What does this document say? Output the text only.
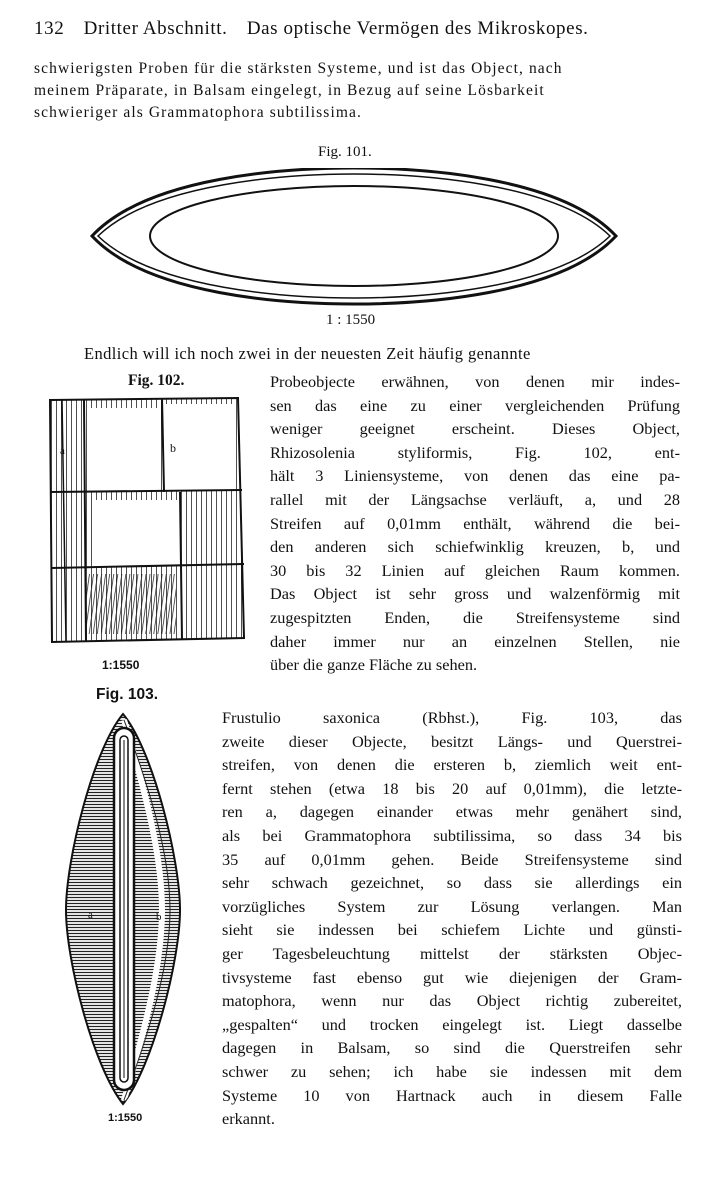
132 Dritter Abschnitt. Das optische Vermögen des Mikroskopes.
schwierigsten Proben für die stärksten Systeme, und ist das Object, nach
meinem Präparate, in Balsam eingelegt, in Bezug auf seine Lösbarkeit
schwieriger als Grammatophora subtilissima.
Fig. 101.
1 : 1550
Endlich will ich noch zwei in der neuesten Zeit häufig genannte
Fig. 102.
a	b
1:1550
Probeobjecte erwähnen, von denen mir indes-
sen das eine zu einer vergleichenden Prüfung
weniger geeignet erscheint. Dieses Object,
Rhizosolenia styliformis, Fig. 102, ent-
hält 3 Liniensysteme, von denen das eine pa-
rallel mit der Längsachse verläuft, a, und 28
Streifen auf 0,01mm enthält, während die bei-
den anderen sich schiefwinklig kreuzen, b, und
30 bis 32 Linien auf gleichen Raum kommen.
Das Object ist sehr gross und walzenförmig mit
zugespitzten Enden, die Streifensysteme sind
daher immer nur an einzelnen Stellen, nie
über die ganze Fläche zu sehen.
Fig. 103.
a	b
1:1550
Frustulio saxonica (Rbhst.), Fig. 103, das
zweite dieser Objecte, besitzt Längs- und Querstrei-
streifen, von denen die ersteren b, ziemlich weit ent-
fernt stehen (etwa 18 bis 20 auf 0,01mm), die letzte-
ren a, dagegen einander etwas mehr genähert sind,
als bei Grammatophora subtilissima, so dass 34 bis
35 auf 0,01mm gehen. Beide Streifensysteme sind
sehr schwach gezeichnet, so dass sie allerdings ein
vorzügliches System zur Lösung verlangen. Man
sieht sie indessen bei schiefem Lichte und günsti-
ger Tagesbeleuchtung mittelst der stärksten Objec-
tivsysteme fast ebenso gut wie diejenigen der Gram-
matophora, wenn nur das Object richtig zubereitet,
„gespalten“ und trocken eingelegt ist. Liegt dasselbe
dagegen in Balsam, so sind die Querstreifen sehr
schwer zu sehen; ich habe sie indessen mit dem
Systeme 10 von Hartnack auch in diesem Falle
erkannt.
